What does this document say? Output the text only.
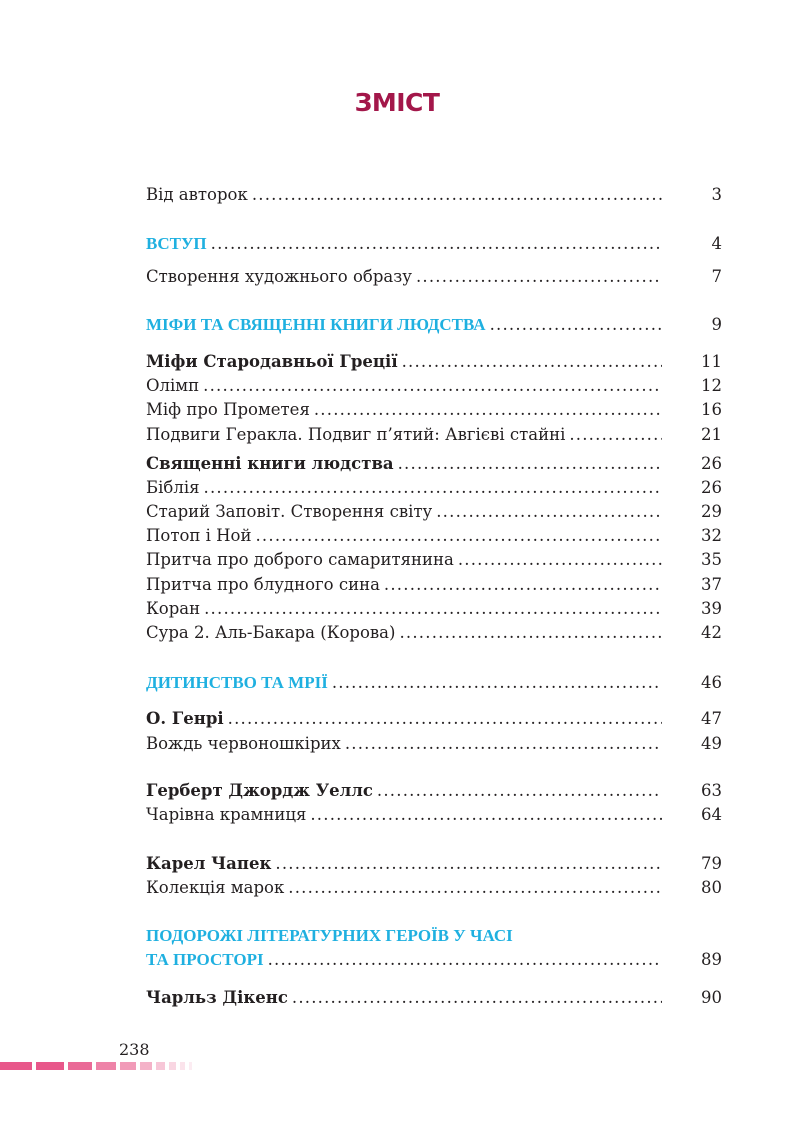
ЗМІСТ
Від авторок .....	3
ВСТУП .....	4
Створення художнього образу .....	7
МІФИ ТА СВЯЩЕННІ КНИГИ ЛЮДСТВА .....	9
Міфи Стародавньої Греції .....	11
Олімп .....	12
Міф про Прометея .....	16
Подвиги Геракла. Подвиг п’ятий: Авгієві стайні .....	21
Священні книги людства .....	26
Біблія .....	26
Старий Заповіт. Створення світу .....	29
Потоп і Ной .....	32
Притча про доброго самаритянина .....	35
Притча про блудного сина .....	37
Коран .....	39
Сура 2. Аль-Бакара (Корова) .....	42
ДИТИНСТВО ТА МРІЇ .....	46
О. Генрі .....	47
Вождь червоношкірих .....	49
Герберт Джордж Уеллс .....	63
Чарівна крамниця .....	64
Карел Чапек .....	79
Колекція марок .....	80
ПОДОРОЖІ ЛІТЕРАТУРНИХ ГЕРОЇВ У ЧАСІ
ТА ПРОСТОРІ .....	89
Чарльз Дікенс .....	90
238
